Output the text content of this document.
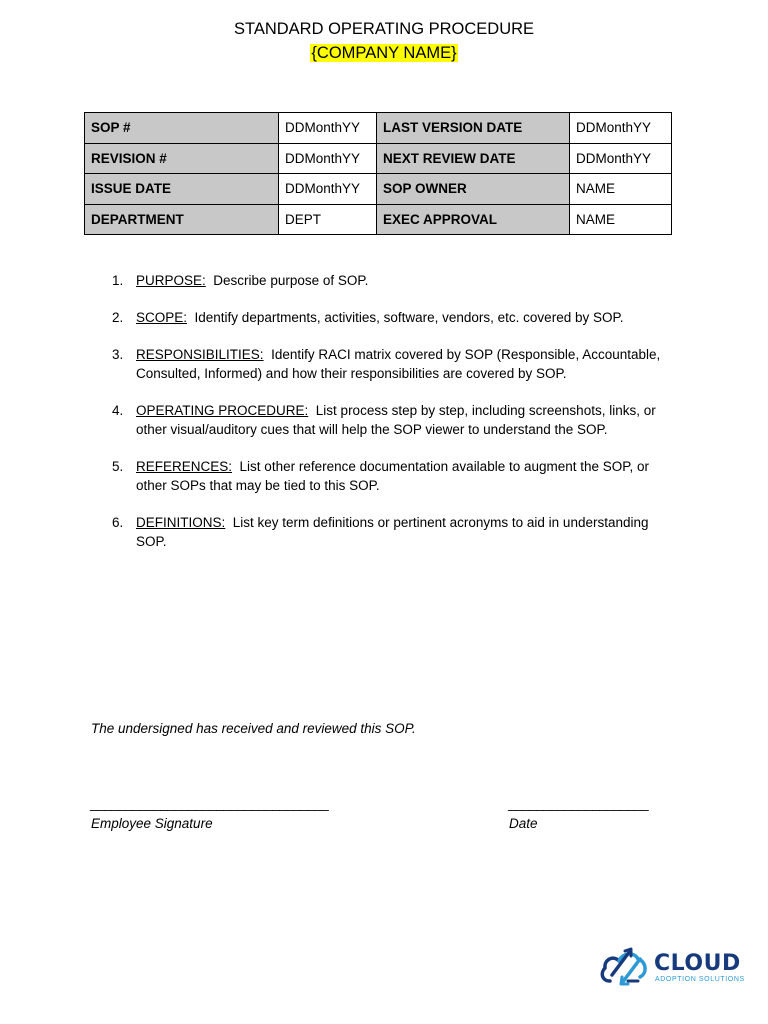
STANDARD OPERATING PROCEDURE
{COMPANY NAME}
SOP #	DDMonthYY	LAST VERSION DATE	DDMonthYY
REVISION #	DDMonthYY	NEXT REVIEW DATE	DDMonthYY
ISSUE DATE	DDMonthYY	SOP OWNER	NAME
DEPARTMENT	DEPT	EXEC APPROVAL	NAME
1. PURPOSE: Describe purpose of SOP.
2. SCOPE: Identify departments, activities, software, vendors, etc. covered by SOP.
3. RESPONSIBILITIES: Identify RACI matrix covered by SOP (Responsible, Accountable, Consulted, Informed) and how their responsibilities are covered by SOP.
4. OPERATING PROCEDURE: List process step by step, including screenshots, links, or other visual/auditory cues that will help the SOP viewer to understand the SOP.
5. REFERENCES: List other reference documentation available to augment the SOP, or other SOPs that may be tied to this SOP.
6. DEFINITIONS: List key term definitions or pertinent acronyms to aid in understanding SOP.
The undersigned has received and reviewed this SOP.
__________________________________
Employee Signature
____________________
Date
CLOUD
ADOPTION SOLUTIONS
